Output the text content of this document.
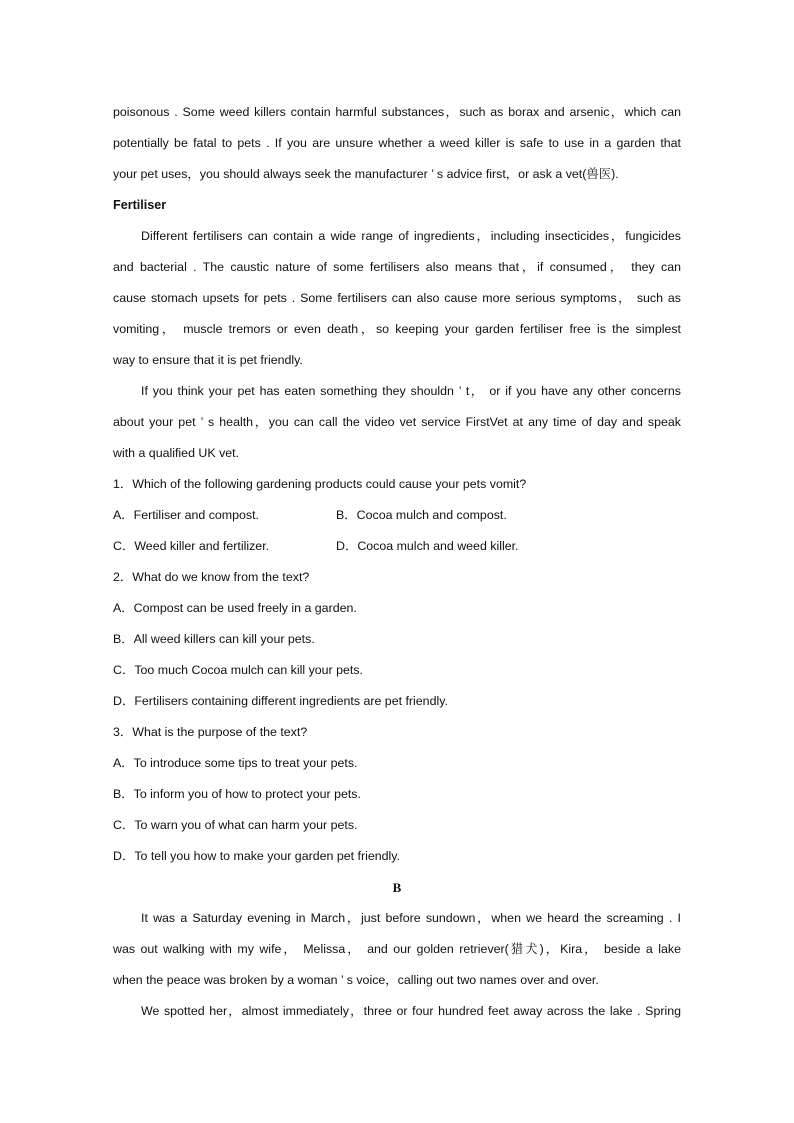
poisonous . Some weed killers contain harmful substances，such as borax and arsenic，which can
potentially be fatal to pets . If you are unsure whether a weed killer is safe to use in a garden that
your pet uses，you should always seek the manufacturer ’ s advice first，or ask a vet(兽医).
Fertiliser
Different fertilisers can contain a wide range of ingredients，including insecticides，fungicides
and bacterial . The caustic nature of some fertilisers also means that，if consumed， they can
cause stomach upsets for pets . Some fertilisers can also cause more serious symptoms， such as
vomiting， muscle tremors or even death，so keeping your garden fertiliser free is the simplest
way to ensure that it is pet friendly.
If you think your pet has eaten something they shouldn ’ t， or if you have any other concerns
about your pet ’ s health，you can call the video vet service FirstVet at any time of day and speak
with a qualified UK vet.
1．Which of the following gardening products could cause your pets vomit?
A．Fertiliser and compost.	B．Cocoa mulch and compost.
C．Weed killer and fertilizer.	D．Cocoa mulch and weed killer.
2．What do we know from the text?
A．Compost can be used freely in a garden.
B．All weed killers can kill your pets.
C．Too much Cocoa mulch can kill your pets.
D．Fertilisers containing different ingredients are pet friendly.
3．What is the purpose of the text?
A．To introduce some tips to treat your pets.
B．To inform you of how to protect your pets.
C．To warn you of what can harm your pets.
D．To tell you how to make your garden pet friendly.
B
It was a Saturday evening in March，just before sundown，when we heard the screaming . I
was out walking with my wife， Melissa， and our golden retriever(猎犬)，Kira， beside a lake
when the peace was broken by a woman ’ s voice，calling out two names over and over.
We spotted her，almost immediately，three or four hundred feet away across the lake . Spring
